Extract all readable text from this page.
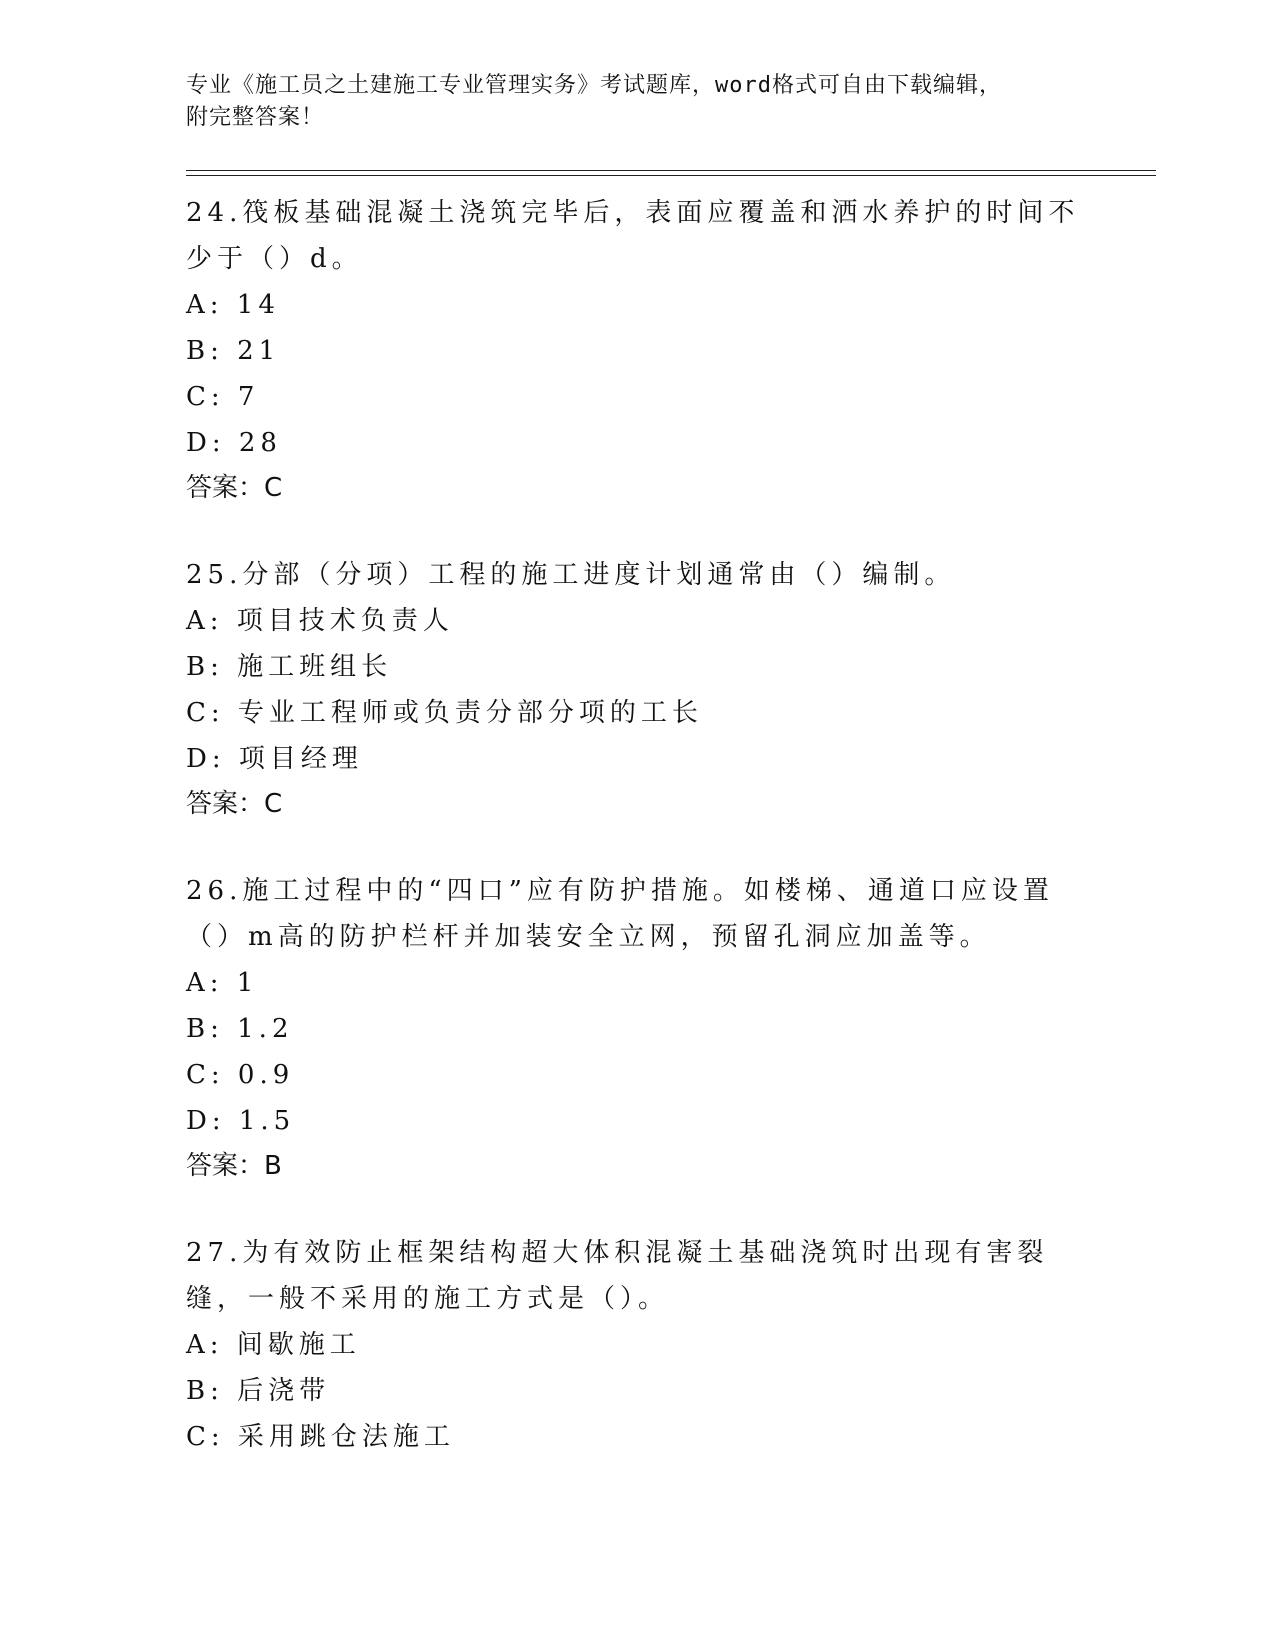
专业《施工员之土建施工专业管理实务》考试题库，word格式可自由下载编辑，

附完整答案！

24.筏板基础混凝土浇筑完毕后，表面应覆盖和洒水养护的时间不少于（）d。

A: 14

B: 21

C: 7

D: 28

答案：C

25.分部（分项）工程的施工进度计划通常由（）编制。

A: 项目技术负责人

B: 施工班组长

C: 专业工程师或负责分部分项的工长

D: 项目经理

答案：C

26.施工过程中的“四口”应有防护措施。如楼梯、通道口应设置（）m高的防护栏杆并加装安全立网，预留孔洞应加盖等。

A: 1

B: 1.2

C: 0.9

D: 1.5

答案：B

27.为有效防止框架结构超大体积混凝土基础浇筑时出现有害裂缝，一般不采用的施工方式是（）。

A: 间歇施工

B: 后浇带

C: 采用跳仓法施工
